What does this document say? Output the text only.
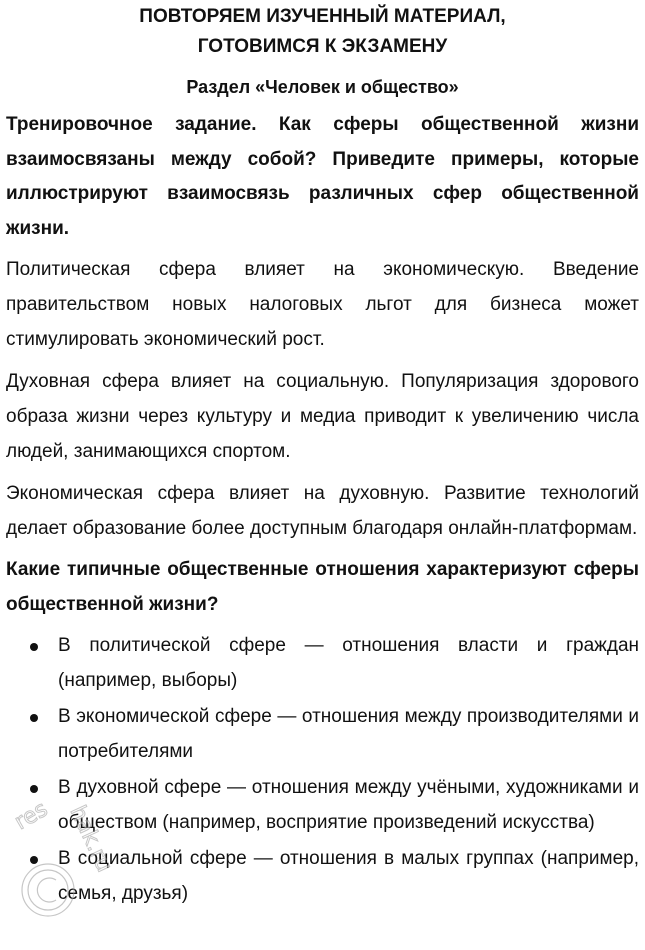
ПОВТОРЯЕМ ИЗУЧЕННЫЙ МАТЕРИАЛ,
ГОТОВИМСЯ К ЭКЗАМЕНУ
Раздел «Человек и общество»
Тренировочное задание. Как сферы общественной жизни взаимосвязаны между собой? Приведите примеры, которые иллюстрируют взаимосвязь различных сфер общественной жизни.

Политическая сфера влияет на экономическую. Введение правительством новых налоговых льгот для бизнеса может стимулировать экономический рост.

Духовная сфера влияет на социальную. Популяризация здорового образа жизни через культуру и медиа приводит к увеличению числа людей, занимающихся спортом.

Экономическая сфера влияет на духовную. Развитие технологий делает образование более доступным благодаря онлайн-платформам.

Какие типичные общественные отношения характеризуют сферы общественной жизни?
В политической сфере — отношения власти и граждан (например, выборы)
В экономической сфере — отношения между производителями и потребителями
В духовной сфере — отношения между учёными, художниками и обществом (например, восприятие произведений искусства)
В социальной сфере — отношения в малых группах (например, семья, друзья)
res hak.ru
